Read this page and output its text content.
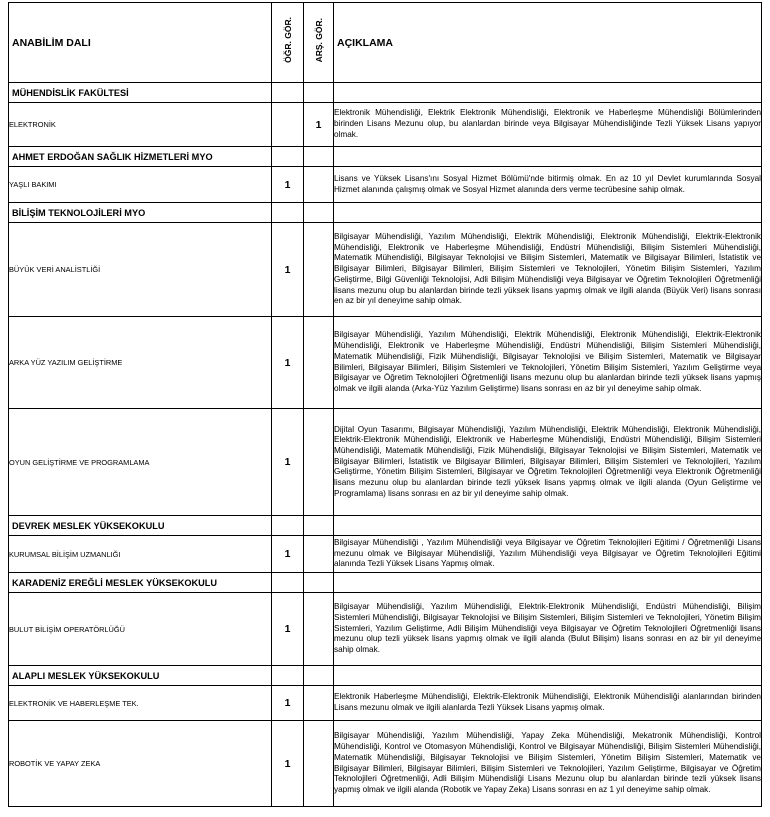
ANABİLİM DALI	ÖĞR. GÖR.	ARŞ. GÖR.	AÇIKLAMA
MÜHENDİSLİK FAKÜLTESİ			
ELEKTRONİK		1	Elektronik Mühendisliği, Elektrik Elektronik Mühendisliği, Elektronik ve Haberleşme Mühendisliği Bölümlerinden birinden Lisans Mezunu olup, bu alanlardan birinde veya Bilgisayar Mühendisliğinde Tezli Yüksek Lisans yapıyor olmak.
AHMET ERDOĞAN SAĞLIK HİZMETLERİ MYO			
YAŞLI BAKIMI	1		Lisans ve Yüksek Lisans'ını Sosyal Hizmet Bölümü'nde bitirmiş olmak. En az 10 yıl Devlet kurumlarında Sosyal Hizmet alanında çalışmış olmak ve Sosyal Hizmet alanında ders verme tecrübesine sahip olmak.
BİLİŞİM TEKNOLOJİLERİ MYO			
BÜYÜK VERİ ANALİSTLİĞİ	1		Bilgisayar Mühendisliği, Yazılım Mühendisliği, Elektrik Mühendisliği, Elektronik Mühendisliği, Elektrik-Elektronik Mühendisliği, Elektronik ve Haberleşme Mühendisliği, Endüstri Mühendisliği, Bilişim Sistemleri Mühendisliği, Matematik Mühendisliği, Bilgisayar Teknolojisi ve Bilişim Sistemleri, Matematik ve Bilgisayar Bilimleri, İstatistik ve Bilgisayar Bilimleri, Bilgisayar Bilimleri, Bilişim Sistemleri ve Teknolojileri, Yönetim Bilişim Sistemleri, Yazılım Geliştirme, Bilgi Güvenliği Teknolojisi, Adli Bilişim Mühendisliği veya Bilgisayar ve Öğretim Teknolojileri Öğretmenliği lisans mezunu olup bu alanlardan birinde tezli yüksek lisans yapmış olmak ve ilgili alanda (Büyük Veri) lisans sonrası en az bir yıl deneyime sahip olmak.
ARKA YÜZ YAZILIM GELİŞTİRME	1		Bilgisayar Mühendisliği, Yazılım Mühendisliği, Elektrik Mühendisliği, Elektronik Mühendisliği, Elektrik-Elektronik Mühendisliği, Elektronik ve Haberleşme Mühendisliği, Endüstri Mühendisliği, Bilişim Sistemleri Mühendisliği, Matematik Mühendisliği, Fizik Mühendisliği, Bilgisayar Teknolojisi ve Bilişim Sistemleri, Matematik ve Bilgisayar Bilimleri, Bilgisayar Bilimleri, Bilişim Sistemleri ve Teknolojileri, Yönetim Bilişim Sistemleri, Yazılım Geliştirme veya Bilgisayar ve Öğretim Teknolojileri Öğretmenliği lisans mezunu olup bu alanlardan birinde tezli yüksek lisans yapmış olmak ve ilgili alanda (Arka-Yüz Yazılım Geliştirme) lisans sonrası en az bir yıl deneyime sahip olmak.
OYUN GELİŞTİRME VE PROGRAMLAMA	1		Dijital Oyun Tasarımı, Bilgisayar Mühendisliği, Yazılım Mühendisliği, Elektrik Mühendisliği, Elektronik Mühendisliği, Elektrik-Elektronik Mühendisliği, Elektronik ve Haberleşme Mühendisliği, Endüstri Mühendisliği, Bilişim Sistemleri Mühendisliği, Matematik Mühendisliği, Fizik Mühendisliği, Bilgisayar Teknolojisi ve Bilişim Sistemleri, Matematik ve Bilgisayar Bilimleri, İstatistik ve Bilgisayar Bilimleri, Bilgisayar Bilimleri, Bilişim Sistemleri ve Teknolojileri, Yazılım Geliştirme, Yönetim Bilişim Sistemleri, Bilgisayar ve Öğretim Teknolojileri Öğretmenliği veya Elektronik Öğretmenliği lisans mezunu olup bu alanlardan birinde tezli yüksek lisans yapmış olmak ve ilgili alanda (Oyun Geliştirme ve Programlama) lisans sonrası en az bir yıl deneyime sahip olmak.
DEVREK MESLEK YÜKSEKOKULU			
KURUMSAL BİLİŞİM UZMANLIĞI	1		Bilgisayar Mühendisliği , Yazılım Mühendisliği veya Bilgisayar ve Öğretim Teknolojileri Eğitimi / Öğretmenliği Lisans mezunu olmak ve Bilgisayar Mühendisliği, Yazılım Mühendisliği veya Bilgisayar ve Öğretim Teknolojileri Eğitimi alanında Tezli Yüksek Lisans Yapmış olmak.
KARADENİZ EREĞLİ MESLEK YÜKSEKOKULU			
BULUT BİLİŞİM OPERATÖRLÜĞÜ	1		Bilgisayar Mühendisliği, Yazılım Mühendisliği, Elektrik-Elektronik Mühendisliği, Endüstri Mühendisliği, Bilişim Sistemleri Mühendisliği, Bilgisayar Teknolojisi ve Bilişim Sistemleri, Bilişim Sistemleri ve Teknolojileri, Yönetim Bilişim Sistemleri, Yazılım Geliştirme, Adli Bilişim Mühendisliği veya Bilgisayar ve Öğretim Teknolojileri Öğretmenliği lisans mezunu olup tezli yüksek lisans yapmış olmak ve ilgili alanda (Bulut Bilişim) lisans sonrası en az bir yıl deneyime sahip olmak.
ALAPLI MESLEK YÜKSEKOKULU			
ELEKTRONİK VE HABERLEŞME TEK.	1		Elektronik Haberleşme Mühendisliği, Elektrik-Elektronik Mühendisliği, Elektronik Mühendisliği alanlarından birinden Lisans mezunu olmak ve ilgili alanlarda Tezli Yüksek Lisans yapmış olmak.
ROBOTİK VE YAPAY ZEKA	1		Bilgisayar Mühendisliği, Yazılım Mühendisliği, Yapay Zeka Mühendisliği, Mekatronik Mühendisliği, Kontrol Mühendisliği, Kontrol ve Otomasyon Mühendisliği, Kontrol ve Bilgisayar Mühendisliği, Bilişim Sistemleri Mühendisliği, Matematik Mühendisliği, Bilgisayar Teknolojisi ve Bilişim Sistemleri, Yönetim Bilişim Sistemleri, Matematik ve Bilgisayar Bilimleri, Bilgisayar Bilimleri, Bilişim Sistemleri ve Teknolojileri, Yazılım Geliştirme, Bilgisayar ve Öğretim Teknolojileri Öğretmenliği, Adli Bilişim Mühendisliği Lisans Mezunu olup bu alanlardan birinde tezli yüksek lisans yapmış olmak ve ilgili alanda (Robotik ve Yapay Zeka) Lisans sonrası en az 1 yıl deneyime sahip olmak.
